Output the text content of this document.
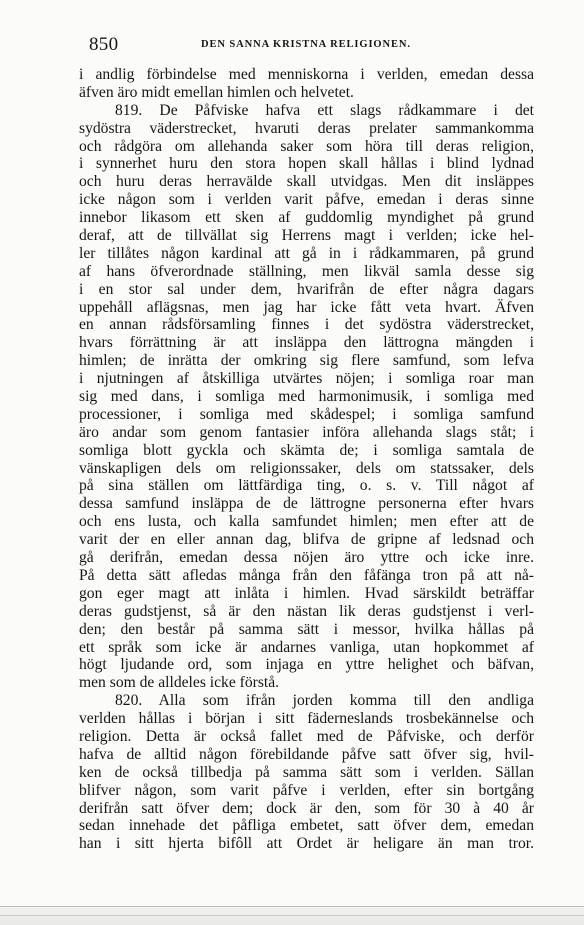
850	DEN SANNA KRISTNA RELIGIONEN.
i andlig förbindelse med menniskorna i verlden, emedan dessa
äfven äro midt emellan himlen och helvetet.
819. De Påfviske hafva ett slags rådkammare i det
sydöstra väderstrecket, hvaruti deras prelater sammankomma
och rådgöra om allehanda saker som höra till deras religion,
i synnerhet huru den stora hopen skall hållas i blind lydnad
och huru deras herravälde skall utvidgas. Men dit insläppes
icke någon som i verlden varit påfve, emedan i deras sinne
innebor likasom ett sken af guddomlig myndighet på grund
deraf, att de tillvällat sig Herrens magt i verlden; icke hel-
ler tillåtes någon kardinal att gå in i rådkammaren, på grund
af hans öfverordnade ställning, men likväl samla desse sig
i en stor sal under dem, hvarifrån de efter några dagars
uppehåll aflägsnas, men jag har icke fått veta hvart. Äfven
en annan rådsförsamling finnes i det sydöstra väderstrecket,
hvars förrättning är att insläppa den lättrogna mängden i
himlen; de inrätta der omkring sig flere samfund, som lefva
i njutningen af åtskilliga utvärtes nöjen; i somliga roar man
sig med dans, i somliga med harmonimusik, i somliga med
processioner, i somliga med skådespel; i somliga samfund
äro andar som genom fantasier införa allehanda slags ståt; i
somliga blott gyckla och skämta de; i somliga samtala de
vänskapligen dels om religionssaker, dels om statssaker, dels
på sina ställen om lättfärdiga ting, o. s. v. Till något af
dessa samfund insläppa de de lättrogne personerna efter hvars
och ens lusta, och kalla samfundet himlen; men efter att de
varit der en eller annan dag, blifva de gripne af ledsnad och
gå derifrån, emedan dessa nöjen äro yttre och icke inre.
På detta sätt afledas många från den fåfänga tron på att nå-
gon eger magt att inlåta i himlen. Hvad särskildt beträffar
deras gudstjenst, så är den nästan lik deras gudstjenst i verl-
den; den består på samma sätt i messor, hvilka hållas på
ett språk som icke är andarnes vanliga, utan hopkommet af
högt ljudande ord, som injaga en yttre helighet och bäfvan,
men som de alldeles icke förstå.
820. Alla som ifrån jorden komma till den andliga
verlden hållas i början i sitt fäderneslands trosbekännelse och
religion. Detta är också fallet med de Påfviske, och derför
hafva de alltid någon förebildande påfve satt öfver sig, hvil-
ken de också tillbedja på samma sätt som i verlden. Sällan
blifver någon, som varit påfve i verlden, efter sin bortgång
derifrån satt öfver dem; dock är den, som för 30 à 40 år
sedan innehade det påfliga embetet, satt öfver dem, emedan
han i sitt hjerta bifôll att Ordet är heligare än man tror.
